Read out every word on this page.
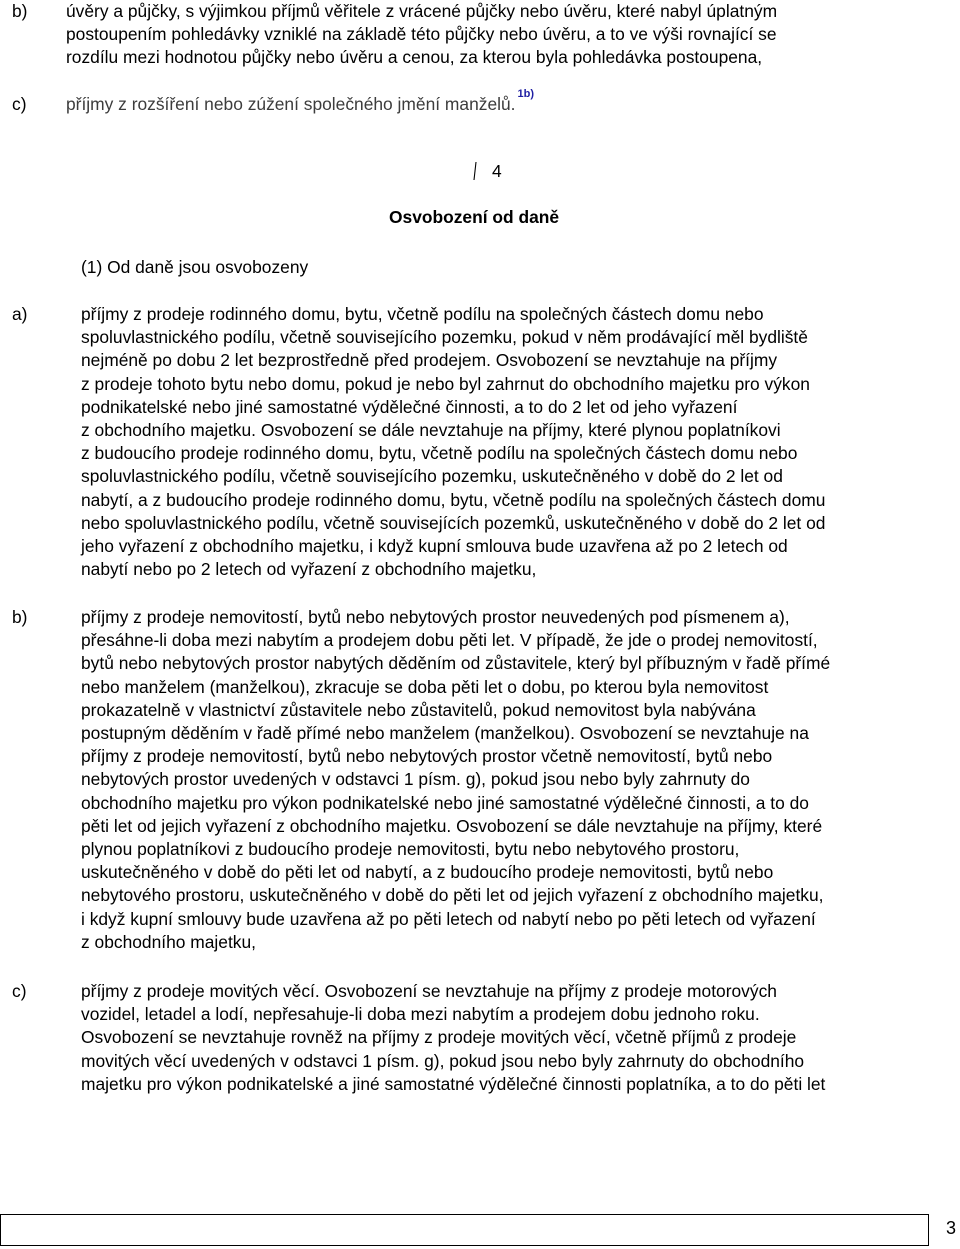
b) úvěry a půjčky, s výjimkou příjmů věřitele z vrácené půjčky nebo úvěru, které nabyl úplatným
postoupením pohledávky vzniklé na základě této půjčky nebo úvěru, a to ve výši rovnající se
rozdílu mezi hodnotou půjčky nebo úvěru a cenou, za kterou byla pohledávka postoupena,
c) příjmy z rozšíření nebo zúžení společného jmění manželů. $^{1b)}$
4
Osvobození od daně
(1) Od daně jsou osvobozeny
a)	příjmy z prodeje rodinného domu, bytu, včetně podílu na společných částech domu nebo
spoluvlastnického podílu, včetně souvisejícího pozemku, pokud v něm prodávající měl bydliště
nejméně po dobu 2 let bezprostředně před prodejem. Osvobození se nevztahuje na příjmy
z prodeje tohoto bytu nebo domu, pokud je nebo byl zahrnut do obchodního majetku pro výkon
podnikatelské nebo jiné samostatné výdělečné činnosti, a to do 2 let od jeho vyřazení
z obchodního majetku. Osvobození se dále nevztahuje na příjmy, které plynou poplatníkovi
z budoucího prodeje rodinného domu, bytu, včetně podílu na společných částech domu nebo
spoluvlastnického podílu, včetně souvisejícího pozemku, uskutečněného v době do 2 let od
nabytí, a z budoucího prodeje rodinného domu, bytu, včetně podílu na společných částech domu
nebo spoluvlastnického podílu, včetně souvisejících pozemků, uskutečněného v době do 2 let od
jeho vyřazení z obchodního majetku, i když kupní smlouva bude uzavřena až po 2 letech od
nabytí nebo po 2 letech od vyřazení z obchodního majetku,
b)	příjmy z prodeje nemovitostí, bytů nebo nebytových prostor neuvedených pod písmenem a),
přesáhne-li doba mezi nabytím a prodejem dobu pěti let. V případě, že jde o prodej nemovitostí,
bytů nebo nebytových prostor nabytých děděním od zůstavitele, který byl příbuzným v řadě přímé
nebo manželem (manželkou), zkracuje se doba pěti let o dobu, po kterou byla nemovitost
prokazatelně v vlastnictví zůstavitele nebo zůstavitelů, pokud nemovitost byla nabývána
postupným děděním v řadě přímé nebo manželem (manželkou). Osvobození se nevztahuje na
příjmy z prodeje nemovitostí, bytů nebo nebytových prostor včetně nemovitostí, bytů nebo
nebytových prostor uvedených v odstavci 1 písm. g), pokud jsou nebo byly zahrnuty do
obchodního majetku pro výkon podnikatelské nebo jiné samostatné výdělečné činnosti, a to do
pěti let od jejich vyřazení z obchodního majetku. Osvobození se dále nevztahuje na příjmy, které
plynou poplatníkovi z budoucího prodeje nemovitosti, bytu nebo nebytového prostoru,
uskutečněného v době do pěti let od nabytí, a z budoucího prodeje nemovitosti, bytů nebo
nebytového prostoru, uskutečněného v době do pěti let od jejich vyřazení z obchodního majetku,
i když kupní smlouvy bude uzavřena až po pěti letech od nabytí nebo po pěti letech od vyřazení
z obchodního majetku,
c)	příjmy z prodeje movitých věcí. Osvobození se nevztahuje na příjmy z prodeje motorových
vozidel, letadel a lodí, nepřesahuje-li doba mezi nabytím a prodejem dobu jednoho roku.
Osvobození se nevztahuje rovněž na příjmy z prodeje movitých věcí, včetně příjmů z prodeje
movitých věcí uvedených v odstavci 1 písm. g), pokud jsou nebo byly zahrnuty do obchodního
majetku pro výkon podnikatelské a jiné samostatné výdělečné činnosti poplatníka, a to do pěti let
3
